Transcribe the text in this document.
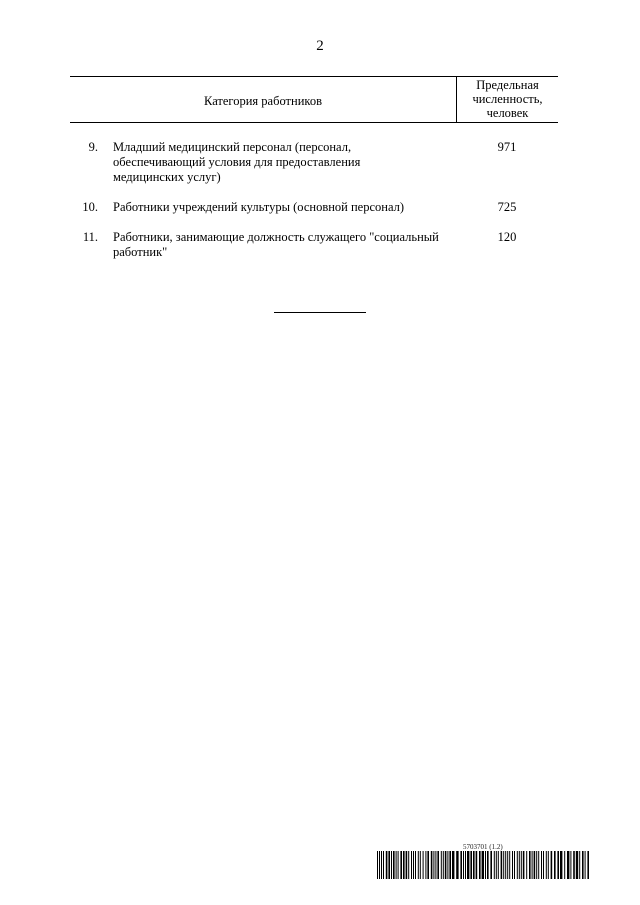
2
Категория работников
Предельная численность, человек
9. Младший медицинский персонал (персонал, обеспечивающий условия для предоставления медицинских услуг)
971
10. Работники учреждений культуры (основной персонал)	725
11. Работники, занимающие должность служащего "социальный работник"
120
5703701 (1.2)
